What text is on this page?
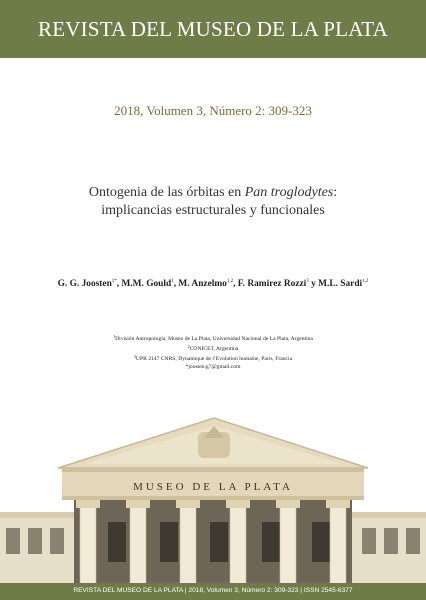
REVISTA DEL MUSEO DE LA PLATA
2018, Volumen 3, Número 2: 309-323
Ontogenia de las órbitas en Pan troglodytes:
implicancias estructurales y funcionales
G. G. Joosten$^{1*}$, M.M. Gould$^1$, M. Anzelmo$^{1,2}$, F. Ramirez Rozzi$^3$ y M.L. Sardi$^{1,2}$
$^1$División Antropología, Museo de La Plata, Universidad Nacional de La Plata, Argentina
$^2$CONICET, Argentina
$^3$UPR 2147 CNRS, Dynamique de l’Evolution humaine, Paris, Francia
*joosten.g7@gmail.com
MUSEO DE LA PLATA
REVISTA DEL MUSEO DE LA PLATA | 2018, Volumen 3, Número 2: 309-323 | ISSN 2545-6377
